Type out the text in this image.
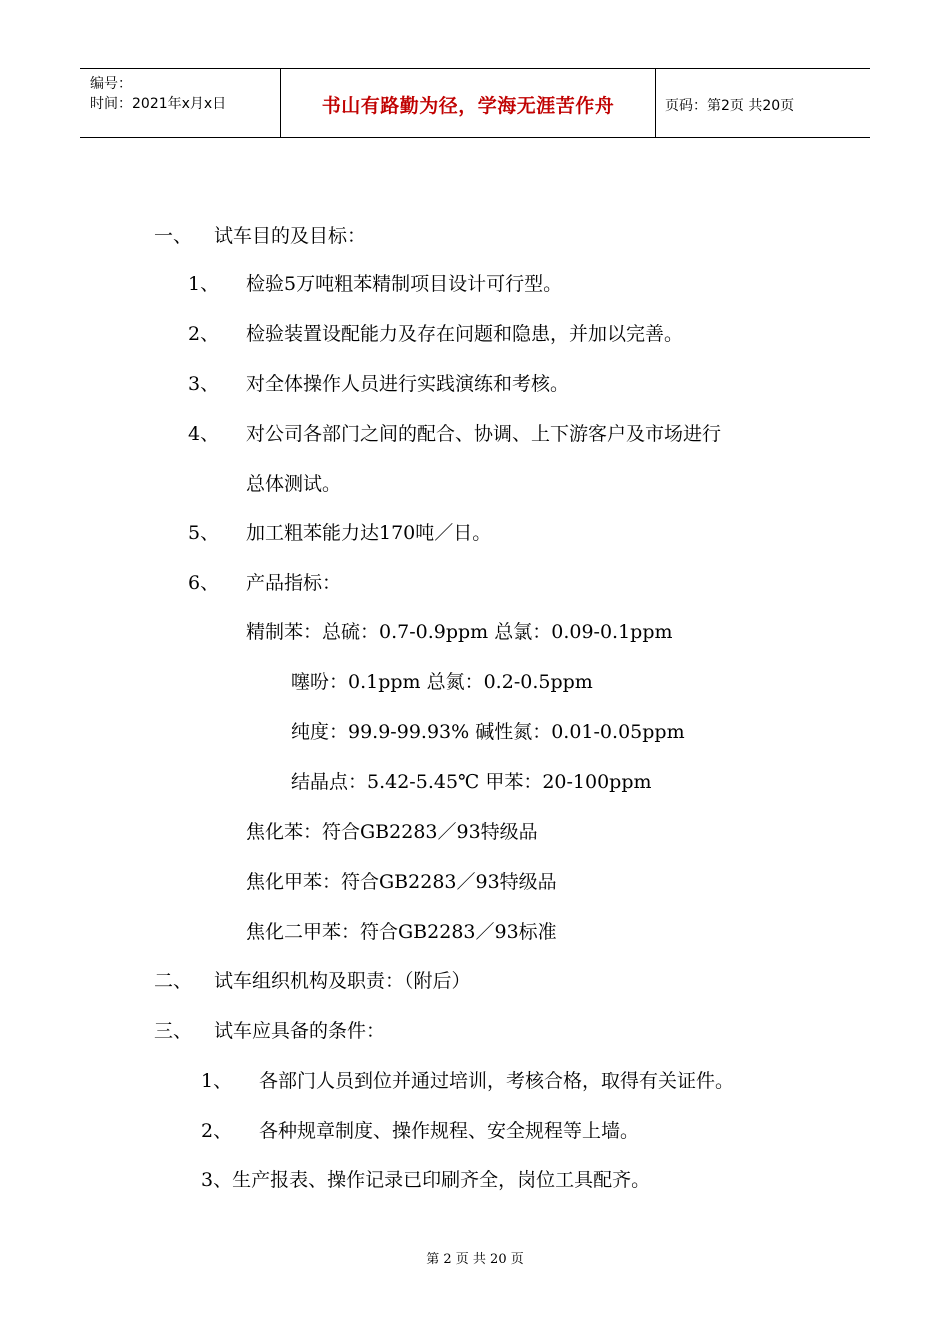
编号：
时间：2021年x月x日	书山有路勤为径，学海无涯苦作舟	页码：第2页 共20页
一、 试车目的及目标：
1、 检验5万吨粗苯精制项目设计可行型。
2、 检验装置设配能力及存在问题和隐患，并加以完善。
3、 对全体操作人员进行实践演练和考核。
4、 对公司各部门之间的配合、协调、上下游客户及市场进行
总体测试。
5、 加工粗苯能力达170吨／日。
6、 产品指标：
精制苯：总硫：0.7-0.9ppm 总氯：0.09-0.1ppm
噻吩：0.1ppm 总氮：0.2-0.5ppm
纯度：99.9-99.93% 碱性氮：0.01-0.05ppm
结晶点：5.42-5.45℃ 甲苯：20-100ppm
焦化苯：符合GB2283／93特级品
焦化甲苯：符合GB2283／93特级品
焦化二甲苯：符合GB2283／93标准
二、 试车组织机构及职责：（附后）
三、 试车应具备的条件：
1、 各部门人员到位并通过培训，考核合格，取得有关证件。
2、 各种规章制度、操作规程、安全规程等上墙。
3、生产报表、操作记录已印刷齐全，岗位工具配齐。
第 2 页 共 20 页
